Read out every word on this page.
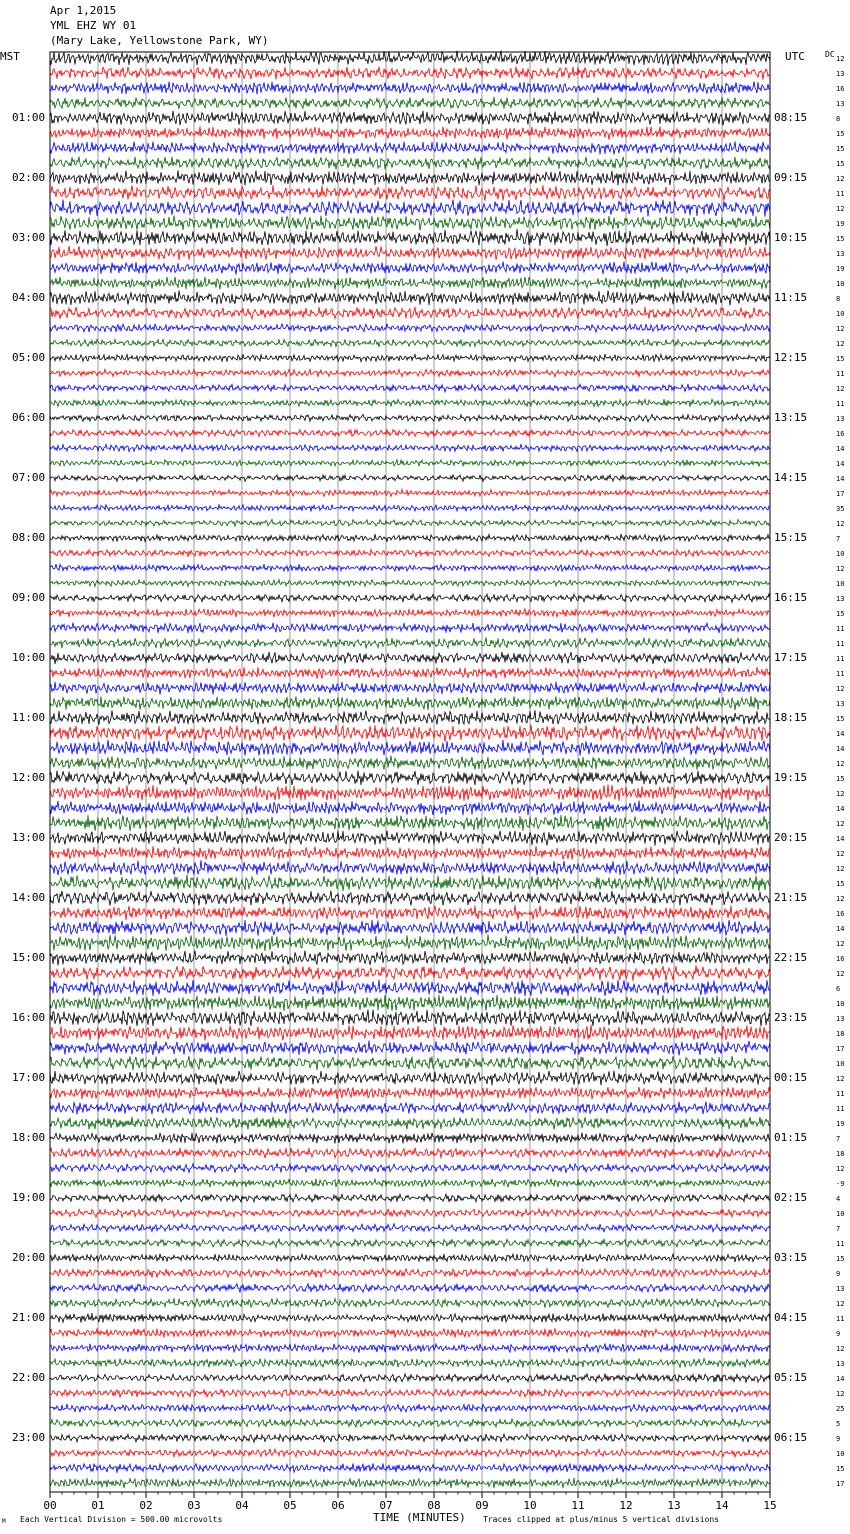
12
13
16
13
8
15
15
15
12
11
12
19
15
13
19
10
8
10
12
12
15
11
12
11
13
16
14
14
14
17
35
12
7
10
12
10
13
15
11
11
11
11
12
13
15
14
14
12
15
12
14
12
14
12
12
15
12
16
14
12
16
12
6
10
13
18
17
10
12
11
11
19
7
18
12
-9
4
10
7
11
15
9
13
12
11
9
12
13
14
12
25
5
9
10
15
17
00	01	02	03	04	05	06	07	08	09	10	11	12	13	14	15
Apr 1,2015
YML EHZ WY 01
(Mary Lake, Yellowstone Park, WY)
MST	UTC	DC
01:00	08:15
02:00	09:15
03:00	10:15
04:00	11:15
05:00	12:15
06:00	13:15
07:00	14:15
08:00	15:15
09:00	16:15
10:00	17:15
11:00	18:15
12:00	19:15
13:00	20:15
14:00	21:15
15:00	22:15
16:00	23:15
17:00	00:15
18:00	01:15
19:00	02:15
20:00	03:15
21:00	04:15
22:00	05:15
23:00	06:15
M Each Vertical Division = 500.00 microvolts	TIME (MINUTES) Traces clipped at plus/minus 5 vertical divisions
